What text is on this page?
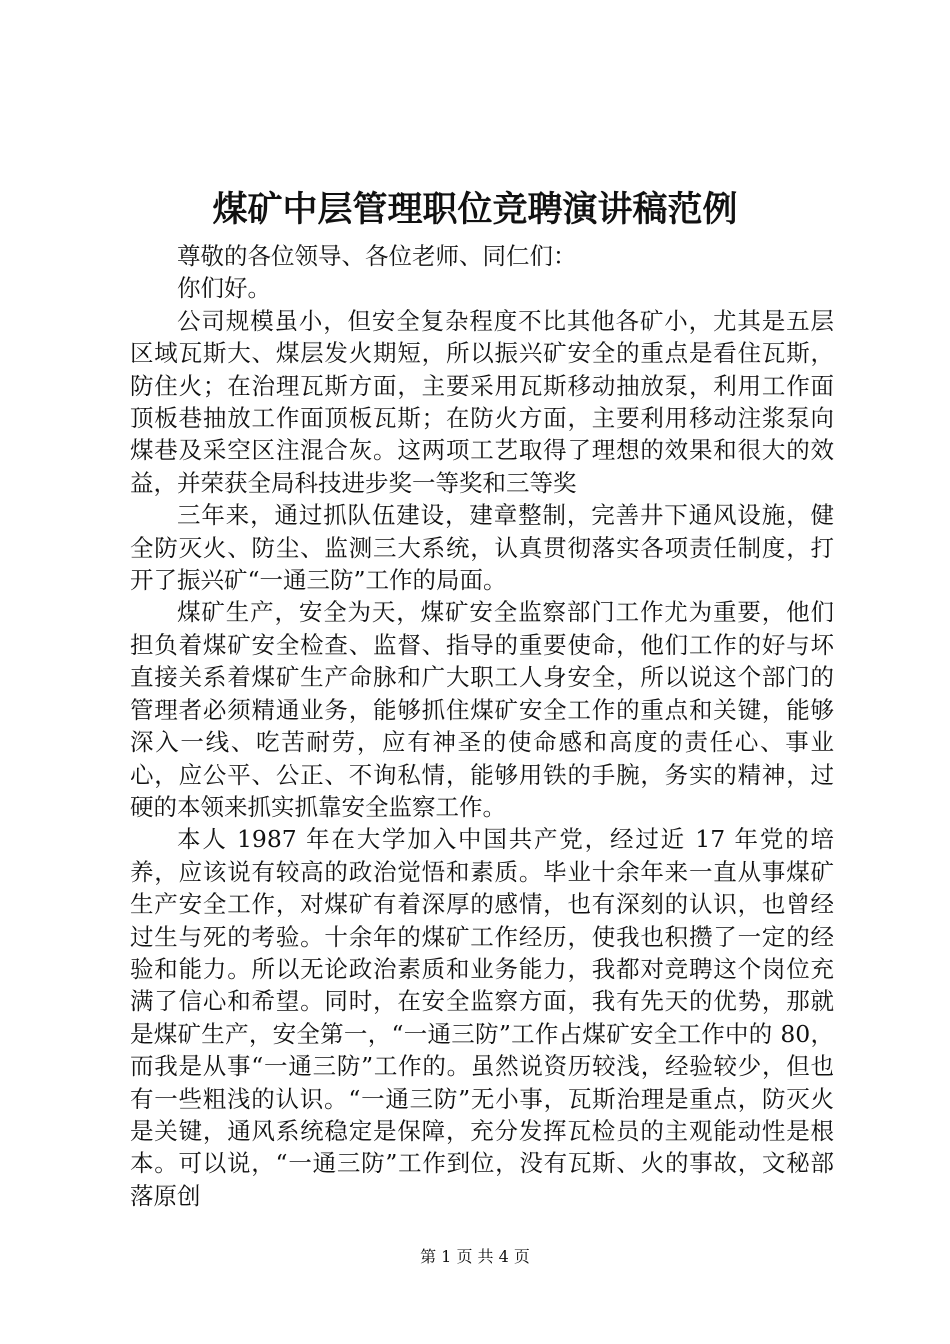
煤矿中层管理职位竞聘演讲稿范例

尊敬的各位领导、各位老师、同仁们：

你们好。

公司规模虽小，但安全复杂程度不比其他各矿小，尤其是五层区域瓦斯大、煤层发火期短，所以振兴矿安全的重点是看住瓦斯，防住火；在治理瓦斯方面，主要采用瓦斯移动抽放泵，利用工作面顶板巷抽放工作面顶板瓦斯；在防火方面，主要利用移动注浆泵向煤巷及采空区注混合灰。这两项工艺取得了理想的效果和很大的效益，并荣获全局科技进步奖一等奖和三等奖

三年来，通过抓队伍建设，建章整制，完善井下通风设施，健全防灭火、防尘、监测三大系统，认真贯彻落实各项责任制度，打开了振兴矿“一通三防”工作的局面。

煤矿生产，安全为天，煤矿安全监察部门工作尤为重要，他们担负着煤矿安全检查、监督、指导的重要使命，他们工作的好与坏直接关系着煤矿生产命脉和广大职工人身安全，所以说这个部门的管理者必须精通业务，能够抓住煤矿安全工作的重点和关键，能够深入一线、吃苦耐劳，应有神圣的使命感和高度的责任心、事业心，应公平、公正、不询私情，能够用铁的手腕，务实的精神，过硬的本领来抓实抓靠安全监察工作。

本人 1987 年在大学加入中国共产党，经过近 17 年党的培养，应该说有较高的政治觉悟和素质。毕业十余年来一直从事煤矿生产安全工作，对煤矿有着深厚的感情，也有深刻的认识，也曾经过生与死的考验。十余年的煤矿工作经历，使我也积攒了一定的经验和能力。所以无论政治素质和业务能力，我都对竞聘这个岗位充满了信心和希望。同时，在安全监察方面，我有先天的优势，那就是煤矿生产，安全第一，“一通三防”工作占煤矿安全工作中的 80，而我是从事“一通三防”工作的。虽然说资历较浅，经验较少，但也有一些粗浅的认识。“一通三防”无小事，瓦斯治理是重点，防灭火是关键，通风系统稳定是保障，充分发挥瓦检员的主观能动性是根本。可以说，“一通三防”工作到位，没有瓦斯、火的事故，文秘部落原创

第 1 页 共 4 页
